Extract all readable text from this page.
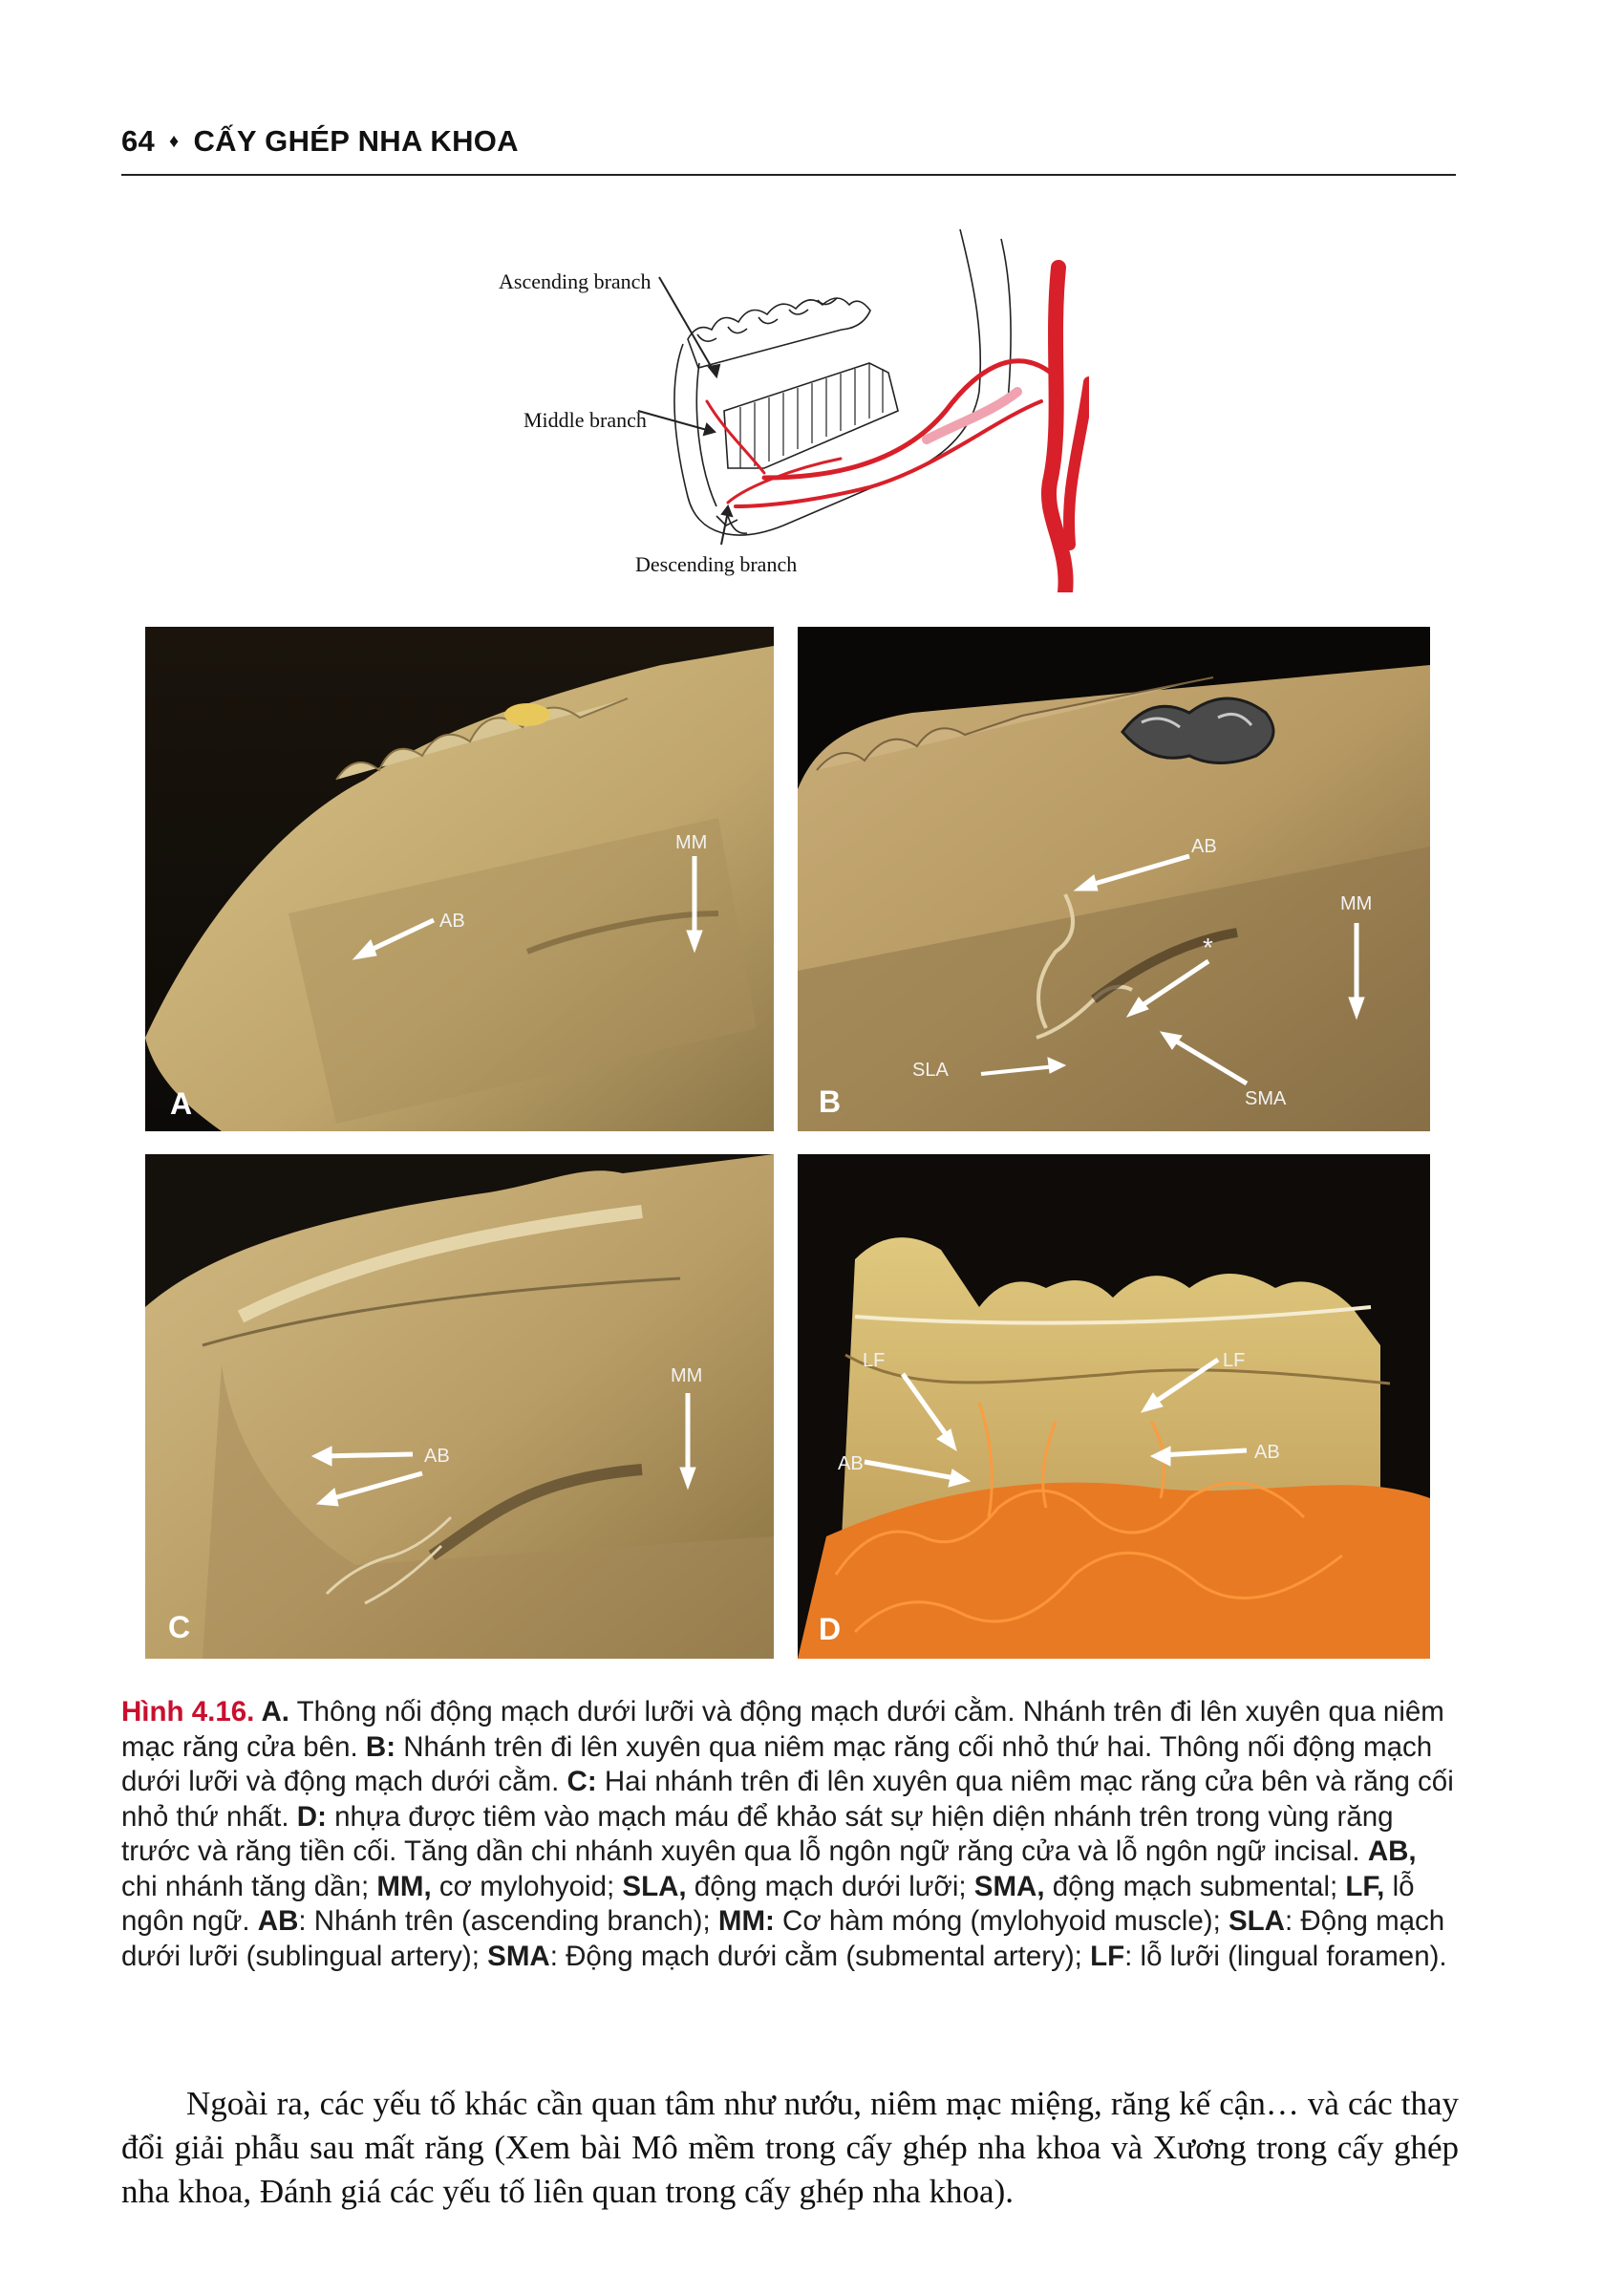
64 ♦ CẤY GHÉP NHA KHOA
Ascending branch
Middle branch
Descending branch
MM
AB
A
AB
MM
*
SLA
SMA
B
MM
AB
C
LF	LF
AB
AB
D
Hình 4.16. A. Thông nối động mạch dưới lưỡi và động mạch dưới cằm. Nhánh trên đi lên xuyên qua niêm mạc răng cửa bên. B: Nhánh trên đi lên xuyên qua niêm mạc răng cối nhỏ thứ hai. Thông nối động mạch dưới lưỡi và động mạch dưới cằm. C: Hai nhánh trên đi lên xuyên qua niêm mạc răng cửa bên và răng cối nhỏ thứ nhất. D: nhựa được tiêm vào mạch máu để khảo sát sự hiện diện nhánh trên trong vùng răng trước và răng tiền cối. Tăng dần chi nhánh xuyên qua lỗ ngôn ngữ răng cửa và lỗ ngôn ngữ incisal. AB, chi nhánh tăng dần; MM, cơ mylohyoid; SLA, động mạch dưới lưỡi; SMA, động mạch submental; LF, lỗ ngôn ngữ. AB: Nhánh trên (ascending branch); MM: Cơ hàm móng (mylohyoid muscle); SLA: Động mạch dưới lưỡi (sublingual artery); SMA: Động mạch dưới cằm (submental artery); LF: lỗ lưỡi (lingual foramen).

Ngoài ra, các yếu tố khác cần quan tâm như nướu, niêm mạc miệng, răng kế cận… và các thay đổi giải phẫu sau mất răng (Xem bài Mô mềm trong cấy ghép nha khoa và Xương trong cấy ghép nha khoa, Đánh giá các yếu tố liên quan trong cấy ghép nha khoa).
